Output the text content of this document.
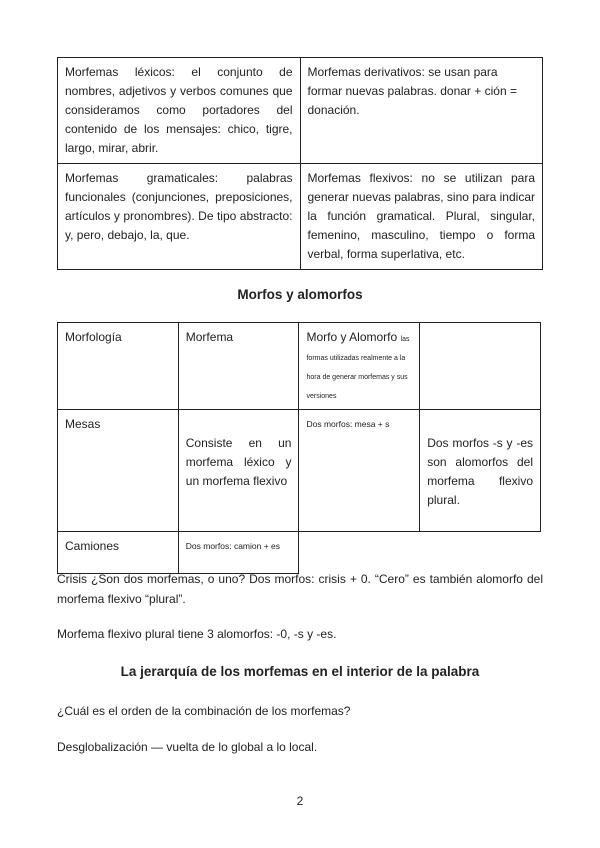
Morfemas léxicos: el conjunto de nombres, adjetivos y verbos comunes que consideramos como portadores del contenido de los mensajes: chico, tigre, largo, mirar, abrir.	Morfemas derivativos: se usan para formar nuevas palabras. donar + ción = donación.
Morfemas gramaticales: palabras funcionales (conjunciones, preposiciones, artículos y pronombres). De tipo abstracto: y, pero, debajo, la, que.	Morfemas flexivos: no se utilizan para generar nuevas palabras, sino para indicar la función gramatical. Plural, singular, femenino, masculino, tiempo o forma verbal, forma superlativa, etc.
Morfos y alomorfos
Morfología	Morfema	Morfo y Alomorfo las formas utilizadas realmente a la hora de generar morfemas y sus versiones	
Mesas	Consiste en un morfema léxico y un morfema flexivo	Dos morfos: mesa + s	Dos morfos -s y -es son alomorfos del morfema flexivo plural.
Camiones	Dos morfos: camion + es		

Crisis ¿Son dos morfemas, o uno? Dos morfos: crisis + 0. “Cero” es también alomorfo del morfema flexivo “plural”.

Morfema flexivo plural tiene 3 alomorfos: -0, -s y -es.

La jerarquía de los morfemas en el interior de la palabra

¿Cuál es el orden de la combinación de los morfemas?

Desglobalización — vuelta de lo global a lo local.

2
